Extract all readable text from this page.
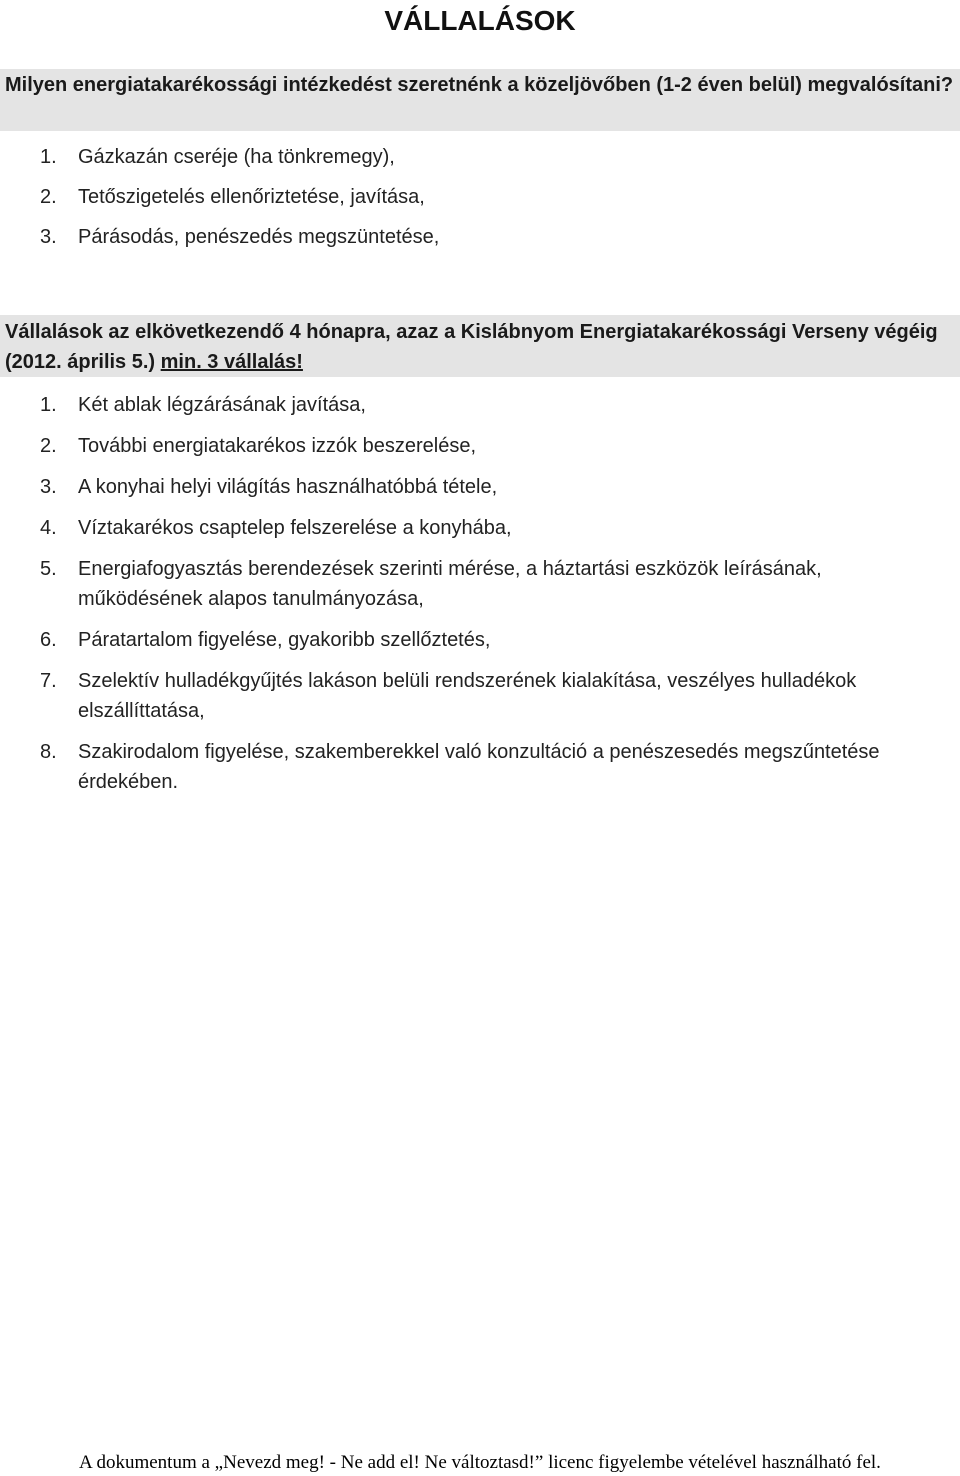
VÁLLALÁSOK
Milyen energiatakarékossági intézkedést szeretnénk a közeljövőben (1-2 éven belül) megvalósítani?
1. Gázkazán cseréje (ha tönkremegy),
2. Tetőszigetelés ellenőriztetése, javítása,
3. Párásodás, penészedés megszüntetése,
Vállalások az elkövetkezendő 4 hónapra, azaz a Kislábnyom Energiatakarékossági Verseny végéig (2012. április 5.) min. 3 vállalás!
1. Két ablak légzárásának javítása,
2. További energiatakarékos izzók beszerelése,
3. A konyhai helyi világítás használhatóbbá tétele,
4. Víztakarékos csaptelep felszerelése a konyhába,
5. Energiafogyasztás berendezések szerinti mérése, a háztartási eszközök leírásának, működésének alapos tanulmányozása,
6. Páratartalom figyelése, gyakoribb szellőztetés,
7. Szelektív hulladékgyűjtés lakáson belüli rendszerének kialakítása, veszélyes hulladékok elszállíttatása,
8. Szakirodalom figyelése, szakemberekkel való konzultáció a penészesedés megszűntetése érdekében.
A dokumentum a „Nevezd meg! - Ne add el! Ne változtasd!” licenc figyelembe vételével használható fel.
